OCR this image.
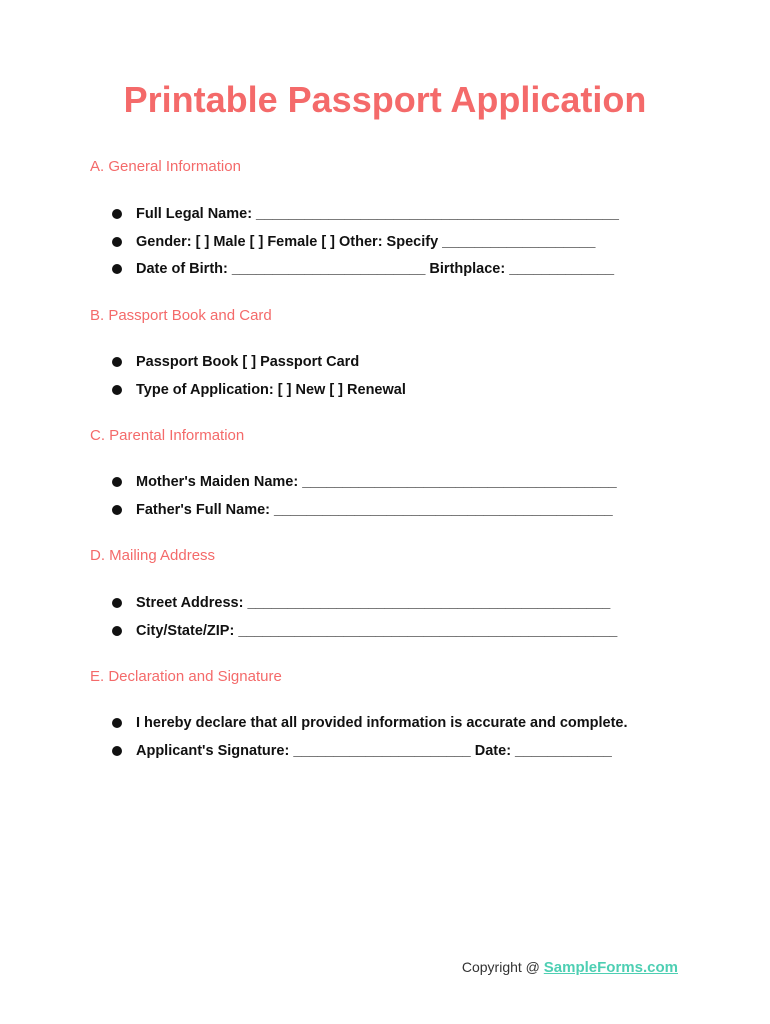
Printable Passport Application
A. General Information
Full Legal Name: _____________________________________________
Gender: [ ] Male [ ] Female [ ] Other: Specify ___________________
Date of Birth: ________________________ Birthplace: _____________
B. Passport Book and Card
Passport Book [ ] Passport Card
Type of Application: [ ] New [ ] Renewal
C. Parental Information
Mother's Maiden Name: _______________________________________
Father's Full Name: __________________________________________
D. Mailing Address
Street Address: _____________________________________________
City/State/ZIP: _______________________________________________
E. Declaration and Signature
I hereby declare that all provided information is accurate and complete.
Applicant's Signature: ______________________ Date: ____________
Copyright @ SampleForms.com
